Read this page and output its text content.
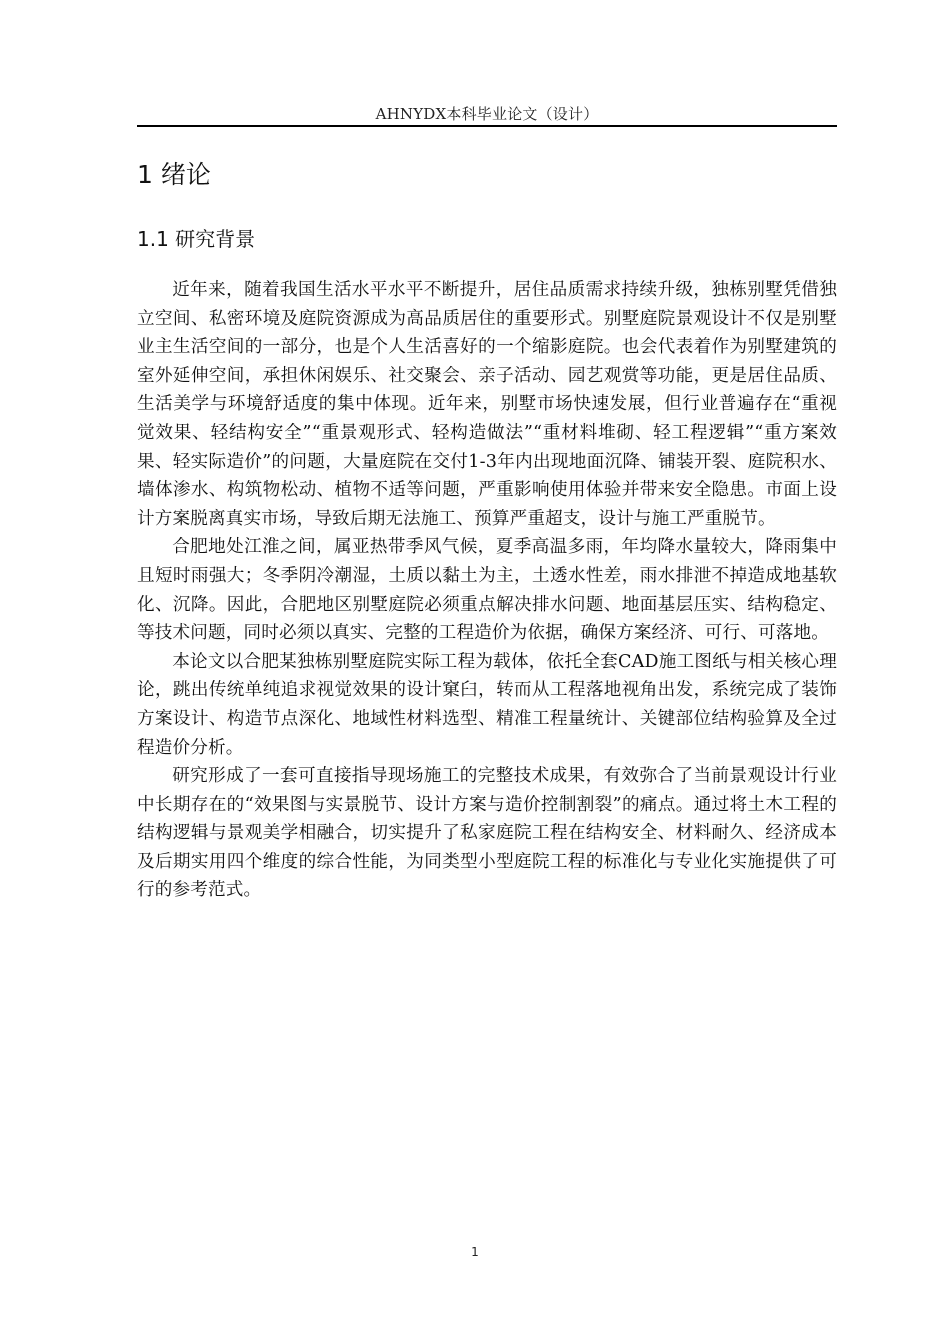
AHNYDX本科毕业论文（设计）
1 绪论
1.1 研究背景

近年来，随着我国生活水平水平不断提升，居住品质需求持续升级，独栋别墅凭借独立空间、私密环境及庭院资源成为高品质居住的重要形式。别墅庭院景观设计不仅是别墅业主生活空间的一部分，也是个人生活喜好的一个缩影庭院。也会代表着作为别墅建筑的室外延伸空间，承担休闲娱乐、社交聚会、亲子活动、园艺观赏等功能，更是居住品质、生活美学与环境舒适度的集中体现。近年来，别墅市场快速发展，但行业普遍存在“重视觉效果、轻结构安全”“重景观形式、轻构造做法”“重材料堆砌、轻工程逻辑”“重方案效果、轻实际造价”的问题，大量庭院在交付1-3年内出现地面沉降、铺装开裂、庭院积水、墙体渗水、构筑物松动、植物不适等问题，严重影响使用体验并带来安全隐患。市面上设计方案脱离真实市场，导致后期无法施工、预算严重超支，设计与施工严重脱节。

合肥地处江淮之间，属亚热带季风气候，夏季高温多雨，年均降水量较大，降雨集中且短时雨强大；冬季阴冷潮湿，土质以黏土为主，土透水性差，雨水排泄不掉造成地基软化、沉降。因此，合肥地区别墅庭院必须重点解决排水问题、地面基层压实、结构稳定、等技术问题，同时必须以真实、完整的工程造价为依据，确保方案经济、可行、可落地。

本论文以合肥某独栋别墅庭院实际工程为载体，依托全套CAD施工图纸与相关核心理论，跳出传统单纯追求视觉效果的设计窠臼，转而从工程落地视角出发，系统完成了装饰方案设计、构造节点深化、地域性材料选型、精准工程量统计、关键部位结构验算及全过程造价分析。

研究形成了一套可直接指导现场施工的完整技术成果，有效弥合了当前景观设计行业中长期存在的“效果图与实景脱节、设计方案与造价控制割裂”的痛点。通过将土木工程的结构逻辑与景观美学相融合，切实提升了私家庭院工程在结构安全、材料耐久、经济成本及后期实用四个维度的综合性能，为同类型小型庭院工程的标准化与专业化实施提供了可行的参考范式。

1
